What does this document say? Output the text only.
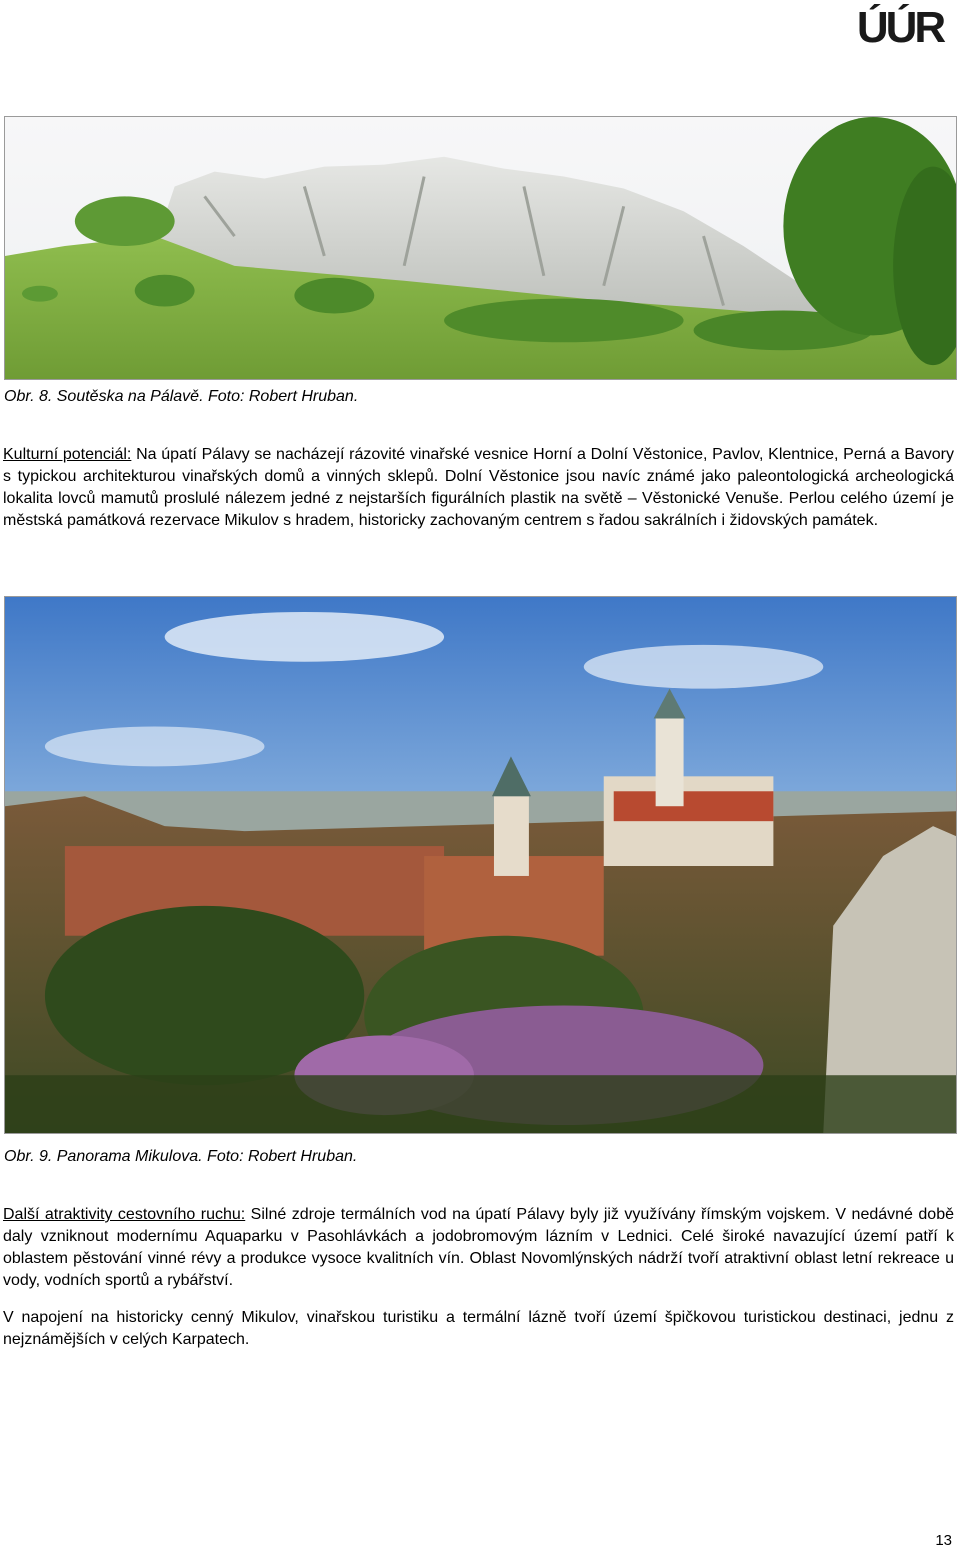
ÚÚR
Obr. 8. Soutěska na Pálavě. Foto: Robert Hruban.

Kulturní potenciál: Na úpatí Pálavy se nacházejí rázovité vinařské vesnice Horní a Dolní Věstonice, Pavlov, Klentnice, Perná a Bavory s typickou architekturou vinařských domů a vinných sklepů. Dolní Věstonice jsou navíc známé jako paleontologická archeologická lokalita lovců mamutů proslulé nálezem jedné z nejstarších figurálních plastik na světě – Věstonické Venuše. Perlou celého území je městská památková rezervace Mikulov s hradem, historicky zachovaným centrem s řadou sakrálních i židovských památek.

Obr. 9. Panorama Mikulova. Foto: Robert Hruban.

Další atraktivity cestovního ruchu: Silné zdroje termálních vod na úpatí Pálavy byly již využívány římským vojskem. V nedávné době daly vzniknout modernímu Aquaparku v Pasohlávkách a jodobromovým lázním v Lednici. Celé široké navazující území patří k oblastem pěstování vinné révy a produkce vysoce kvalitních vín. Oblast Novomlýnských nádrží tvoří atraktivní oblast letní rekreace u vody, vodních sportů a rybářství.

V napojení na historicky cenný Mikulov, vinařskou turistiku a termální lázně tvoří území špičkovou turistickou destinaci, jednu z nejznámějších v celých Karpatech.

13
